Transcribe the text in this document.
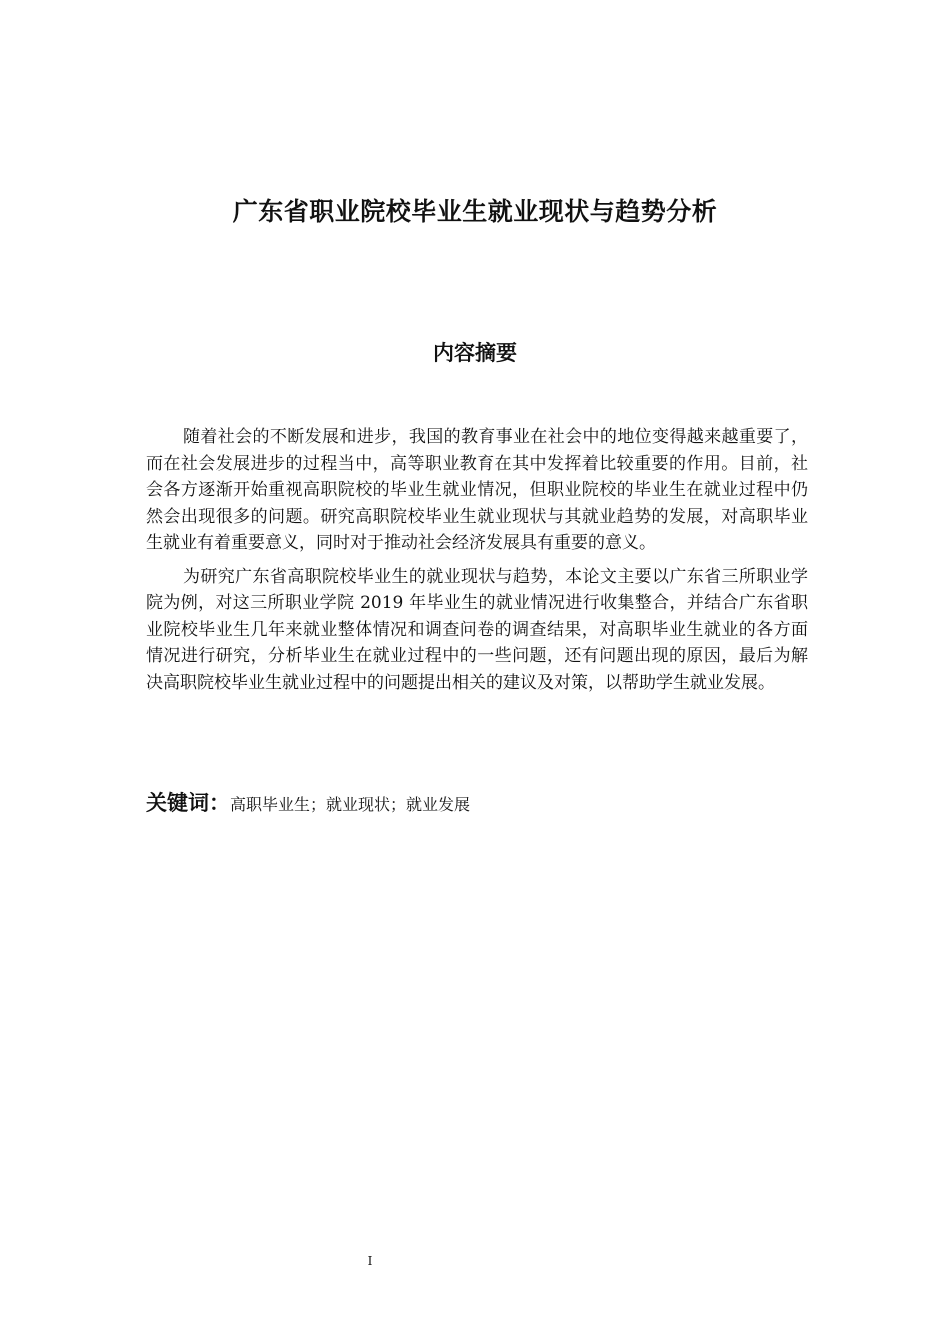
广东省职业院校毕业生就业现状与趋势分析
内容摘要

随着社会的不断发展和进步，我国的教育事业在社会中的地位变得越来越重要了，而在社会发展进步的过程当中，高等职业教育在其中发挥着比较重要的作用。目前，社会各方逐渐开始重视高职院校的毕业生就业情况，但职业院校的毕业生在就业过程中仍然会出现很多的问题。研究高职院校毕业生就业现状与其就业趋势的发展，对高职毕业生就业有着重要意义，同时对于推动社会经济发展具有重要的意义。

为研究广东省高职院校毕业生的就业现状与趋势，本论文主要以广东省三所职业学院为例，对这三所职业学院 2019 年毕业生的就业情况进行收集整合，并结合广东省职业院校毕业生几年来就业整体情况和调查问卷的调查结果，对高职毕业生就业的各方面情况进行研究，分析毕业生在就业过程中的一些问题，还有问题出现的原因，最后为解决高职院校毕业生就业过程中的问题提出相关的建议及对策，以帮助学生就业发展。

关键词：高职毕业生；就业现状；就业发展
I
